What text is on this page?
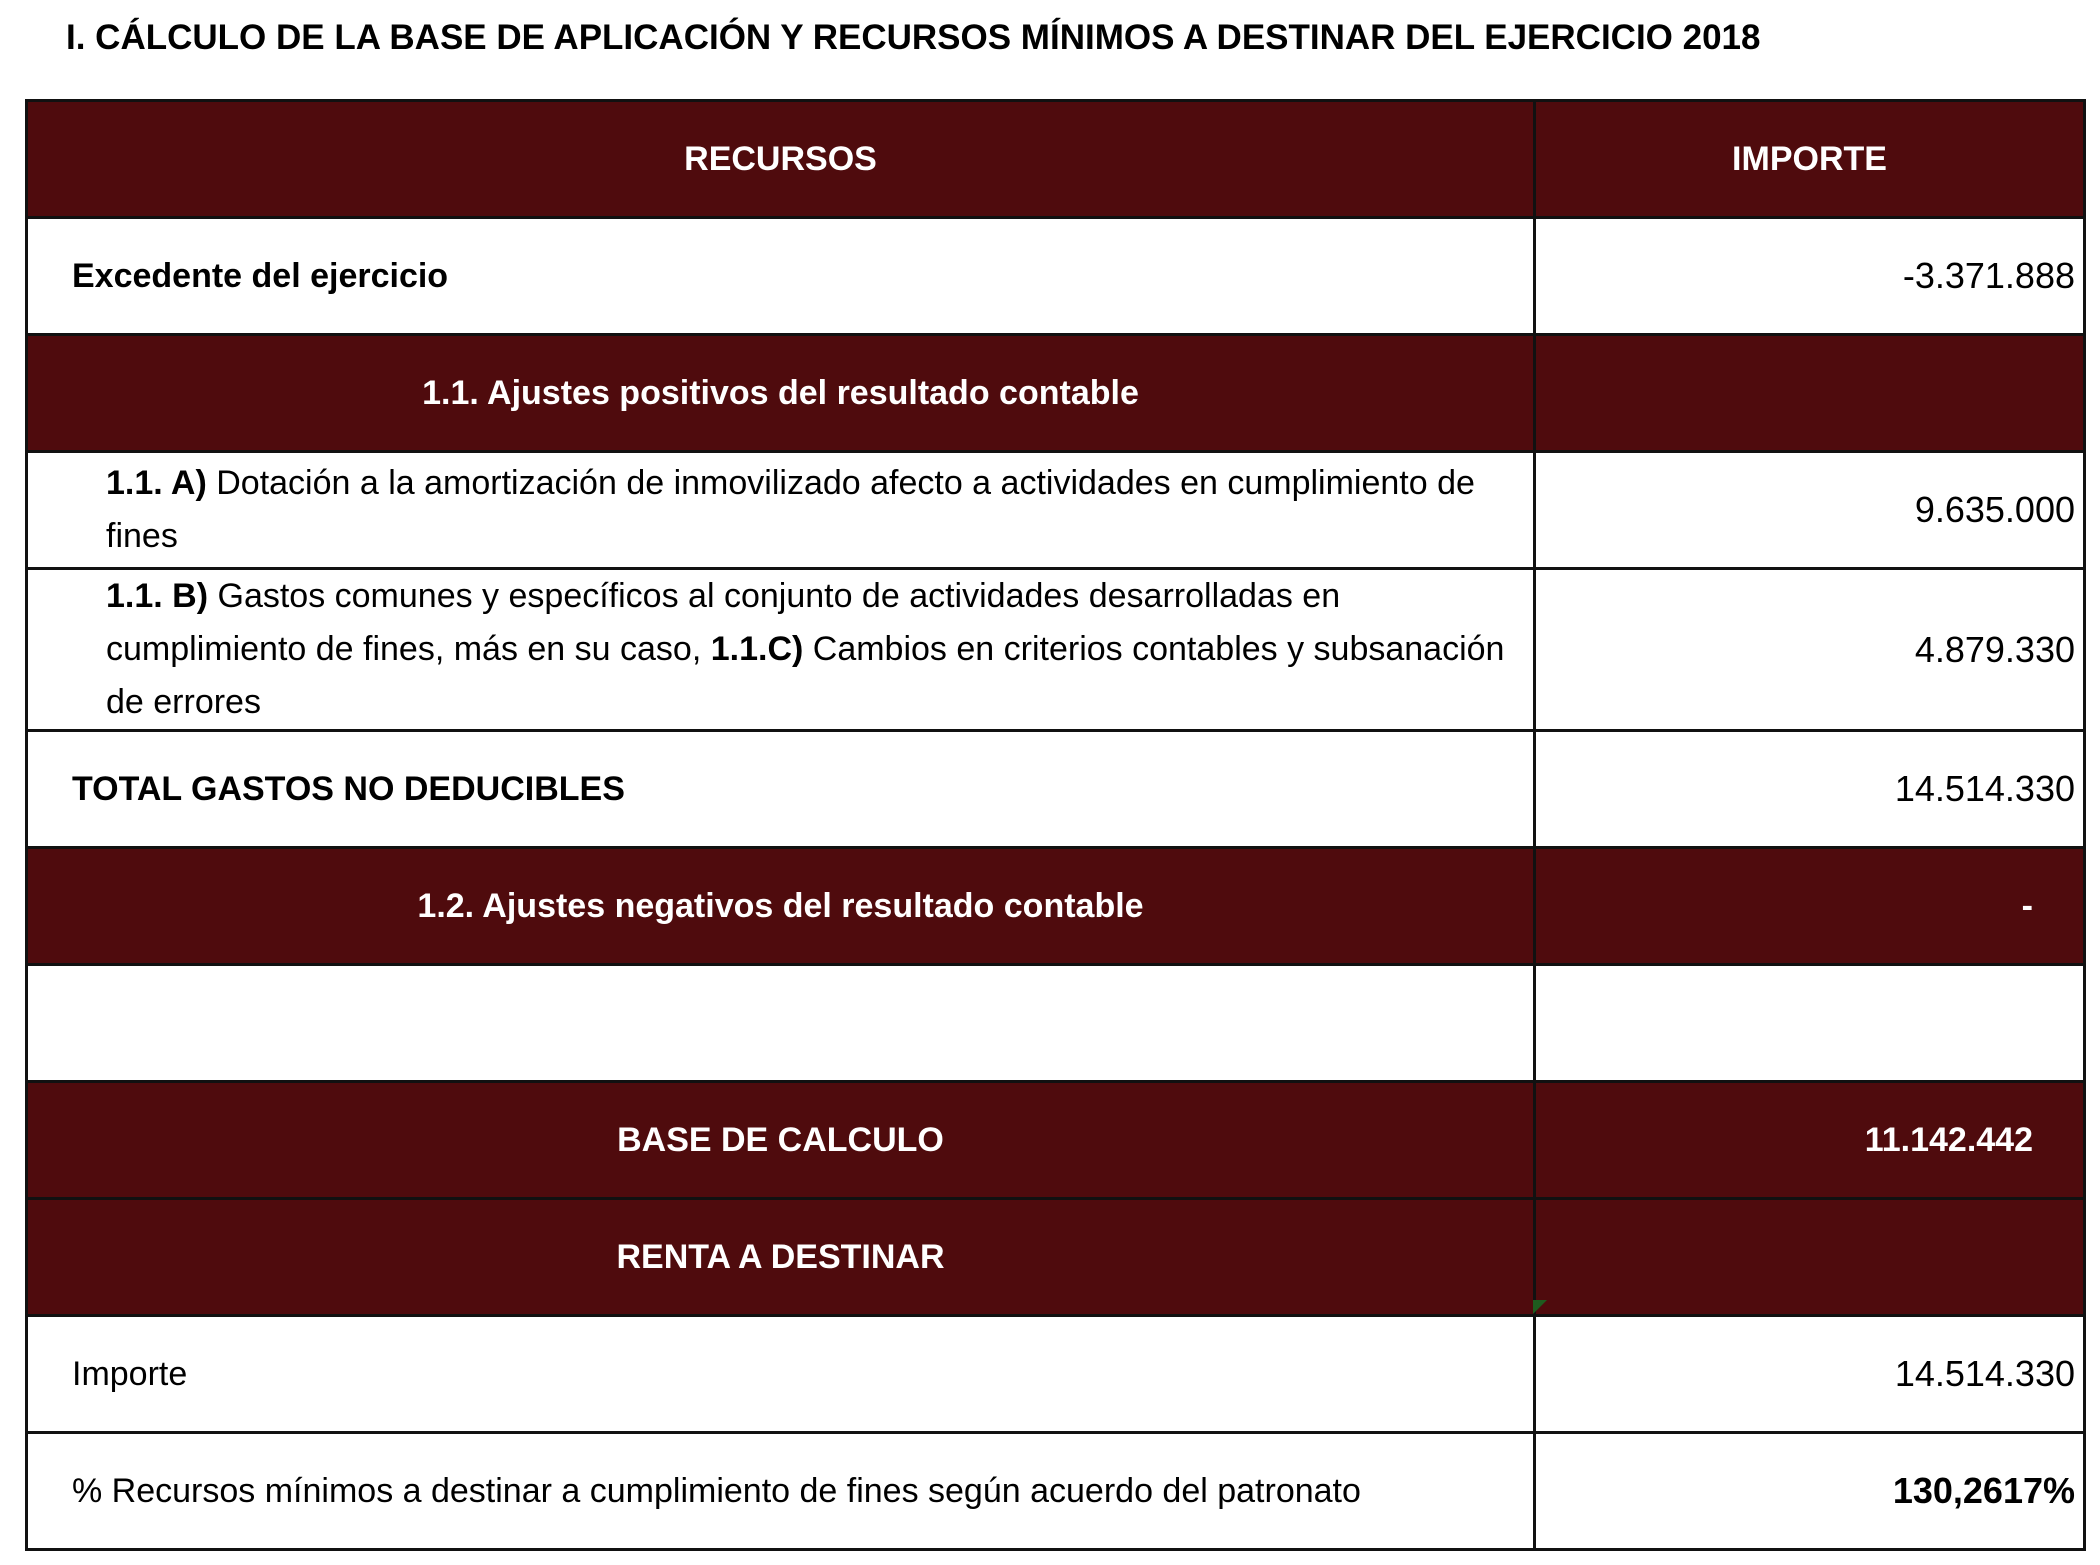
I. CÁLCULO DE LA BASE DE APLICACIÓN Y RECURSOS MÍNIMOS A DESTINAR DEL EJERCICIO 2018
RECURSOS	IMPORTE
Excedente del ejercicio	-3.371.888
1.1. Ajustes positivos del resultado contable	
1.1. A) Dotación a la amortización de inmovilizado afecto a actividades en cumplimiento de fines	9.635.000
1.1. B) Gastos comunes y específicos al conjunto de actividades desarrolladas en cumplimiento de fines, más en su caso, 1.1.C) Cambios en criterios contables y subsanación de errores	4.879.330
TOTAL GASTOS NO DEDUCIBLES	14.514.330
1.2. Ajustes negativos del resultado contable	-

BASE DE CALCULO	11.142.442
RENTA A DESTINAR	
Importe	14.514.330
% Recursos mínimos a destinar a cumplimiento de fines según acuerdo del patronato	130,2617%
